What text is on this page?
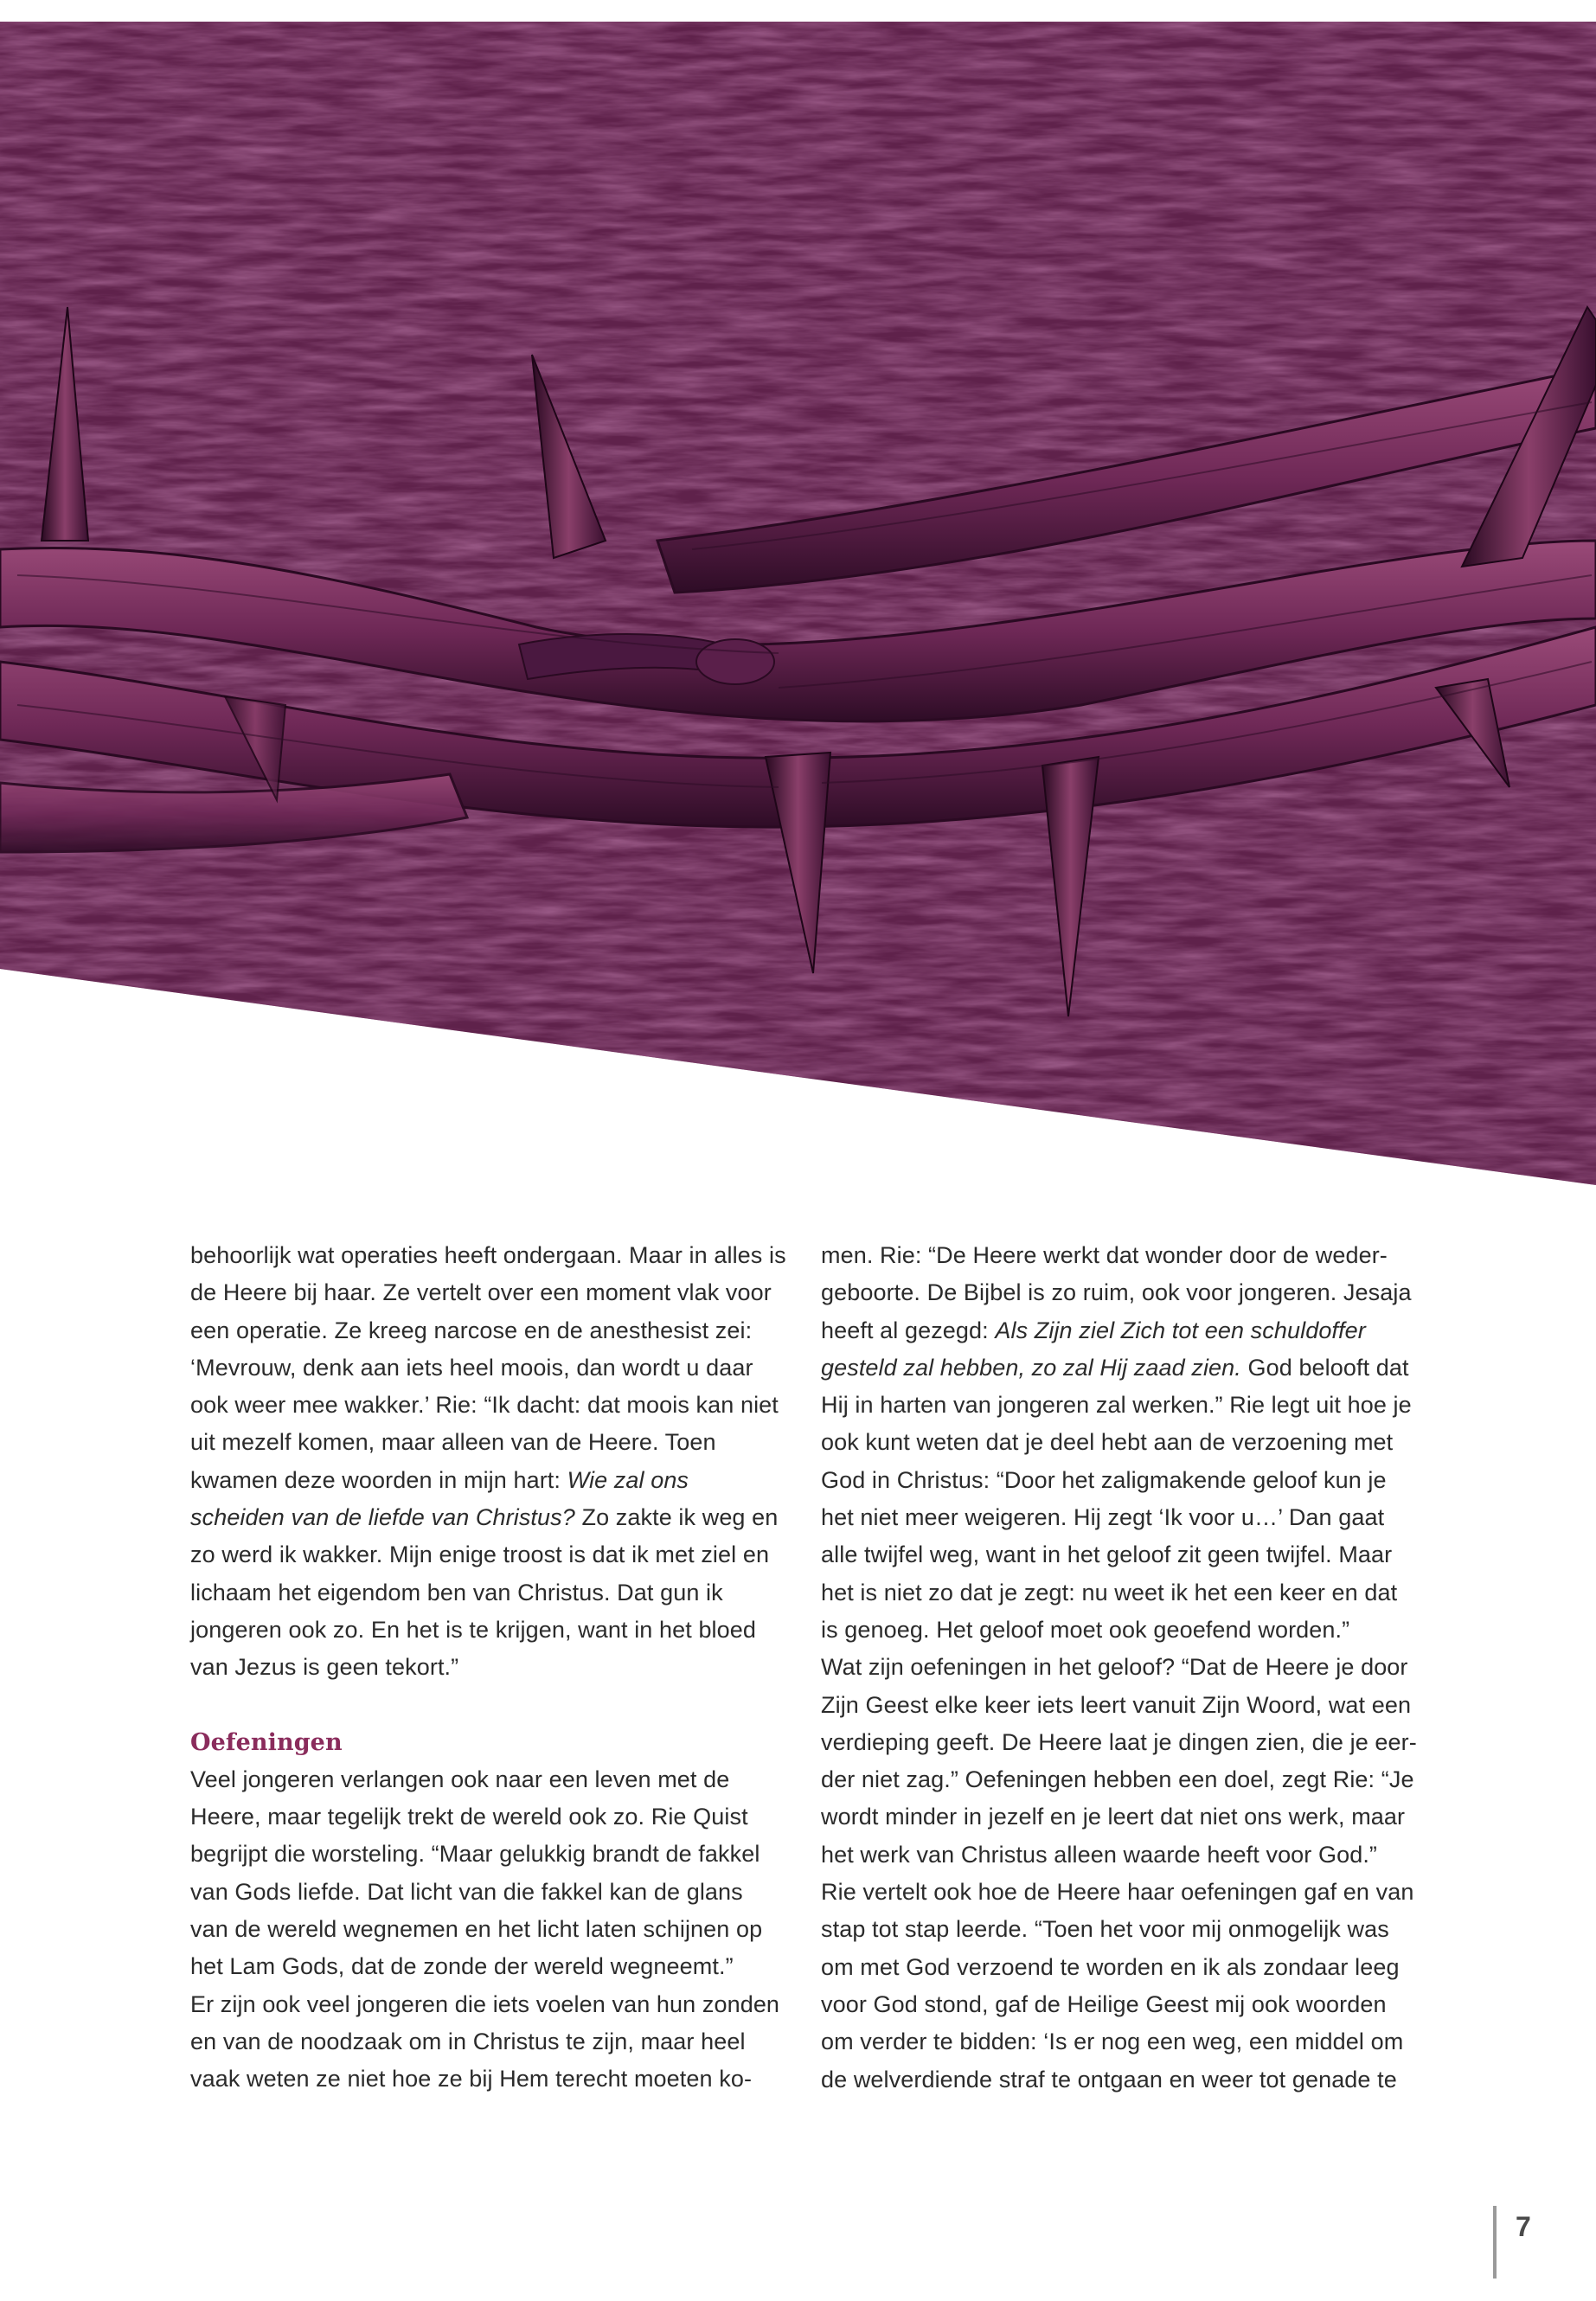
behoorlijk wat operaties heeft ondergaan. Maar in alles is de Heere bij haar. Ze vertelt over een moment vlak voor een operatie. Ze kreeg narcose en de anesthesist zei: ‘Mevrouw, denk aan iets heel moois, dan wordt u daar ook weer mee wakker.’ Rie: “Ik dacht: dat moois kan niet uit mezelf komen, maar alleen van de Heere. Toen kwamen deze woorden in mijn hart: Wie zal ons scheiden van de liefde van Christus? Zo zakte ik weg en zo werd ik wakker. Mijn enige troost is dat ik met ziel en lichaam het eigendom ben van Christus. Dat gun ik jongeren ook zo. En het is te krijgen, want in het bloed van Jezus is geen tekort.”

Oefeningen

Veel jongeren verlangen ook naar een leven met de Heere, maar tegelijk trekt de wereld ook zo. Rie Quist begrijpt die worsteling. “Maar gelukkig brandt de fakkel van Gods liefde. Dat licht van die fakkel kan de glans van de wereld wegnemen en het licht laten schijnen op het Lam Gods, dat de zonde der wereld wegneemt.”

Er zijn ook veel jongeren die iets voelen van hun zonden en van de noodzaak om in Christus te zijn, maar heel vaak weten ze niet hoe ze bij Hem terecht moeten ko-

men. Rie: “De Heere werkt dat wonder door de weder-geboorte. De Bijbel is zo ruim, ook voor jongeren. Jesaja heeft al gezegd: Als Zijn ziel Zich tot een schuldoffer gesteld zal hebben, zo zal Hij zaad zien. God belooft dat Hij in harten van jongeren zal werken.” Rie legt uit hoe je ook kunt weten dat je deel hebt aan de verzoening met God in Christus: “Door het zaligmakende geloof kun je het niet meer weigeren. Hij zegt ‘Ik voor u…’ Dan gaat alle twijfel weg, want in het geloof zit geen twijfel. Maar het is niet zo dat je zegt: nu weet ik het een keer en dat is genoeg. Het geloof moet ook geoefend worden.”

Wat zijn oefeningen in het geloof? “Dat de Heere je door Zijn Geest elke keer iets leert vanuit Zijn Woord, wat een verdieping geeft. De Heere laat je dingen zien, die je eer-der niet zag.” Oefeningen hebben een doel, zegt Rie: “Je wordt minder in jezelf en je leert dat niet ons werk, maar het werk van Christus alleen waarde heeft voor God.”

Rie vertelt ook hoe de Heere haar oefeningen gaf en van stap tot stap leerde. “Toen het voor mij onmogelijk was om met God verzoend te worden en ik als zondaar leeg voor God stond, gaf de Heilige Geest mij ook woorden om verder te bidden: ‘Is er nog een weg, een middel om de welverdiende straf te ontgaan en weer tot genade te

7
